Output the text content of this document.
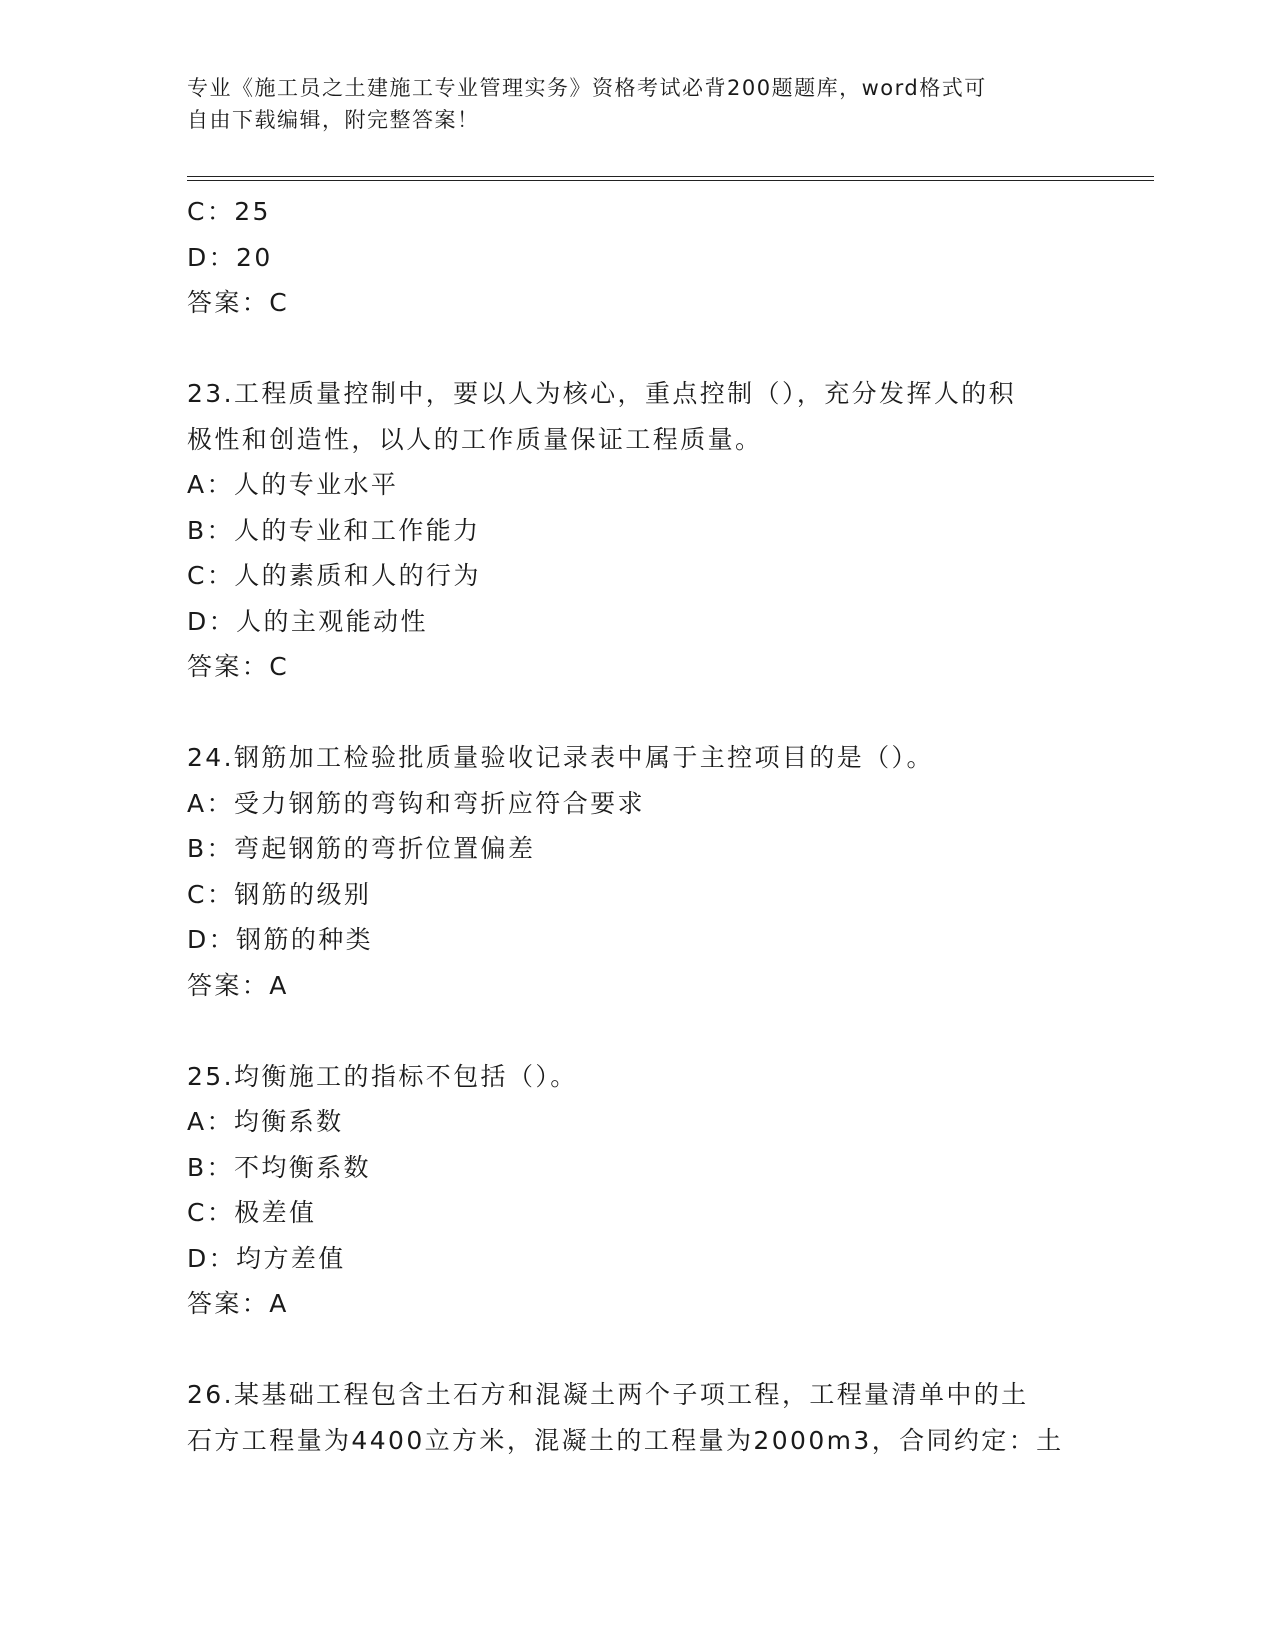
专业《施工员之土建施工专业管理实务》资格考试必背200题题库，word格式可
自由下载编辑，附完整答案！
C：25
D：20
答案：C
23.工程质量控制中，要以人为核心，重点控制（），充分发挥人的积
极性和创造性，以人的工作质量保证工程质量。
A：人的专业水平
B：人的专业和工作能力
C：人的素质和人的行为
D：人的主观能动性
答案：C
24.钢筋加工检验批质量验收记录表中属于主控项目的是（）。
A：受力钢筋的弯钩和弯折应符合要求
B：弯起钢筋的弯折位置偏差
C：钢筋的级别
D：钢筋的种类
答案：A
25.均衡施工的指标不包括（）。
A：均衡系数
B：不均衡系数
C：极差值
D：均方差值
答案：A
26.某基础工程包含土石方和混凝土两个子项工程，工程量清单中的土
石方工程量为4400立方米，混凝土的工程量为2000m3，合同约定：土
